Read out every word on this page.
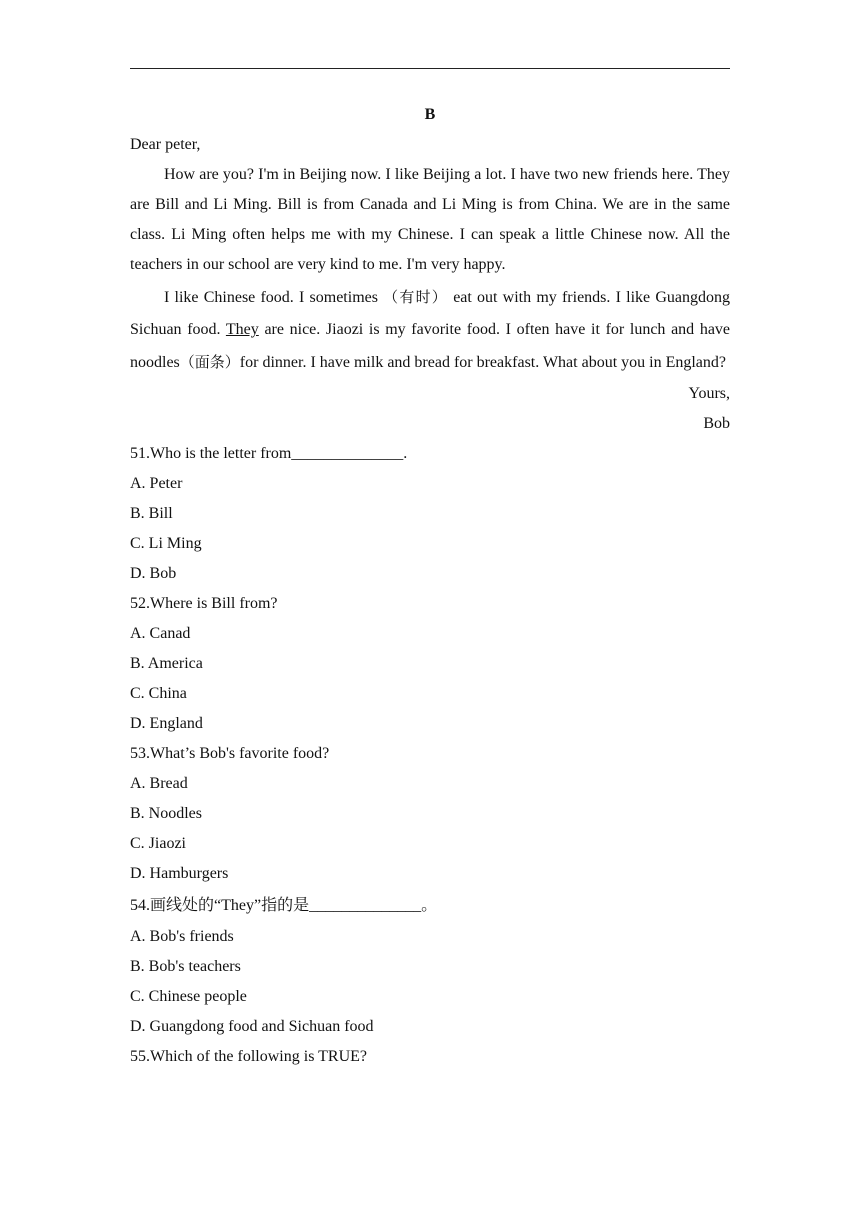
B
Dear peter,
How are you? I'm in Beijing now. I like Beijing a lot. I have two new friends here. They are Bill and Li Ming. Bill is from Canada and Li Ming is from China. We are in the same class. Li Ming often helps me with my Chinese. I can speak a little Chinese now. All the teachers in our school are very kind to me. I'm very happy.
I like Chinese food. I sometimes （有时） eat out with my friends. I like Guangdong Sichuan food. They are nice. Jiaozi is my favorite food. I often have it for lunch and have noodles（面条）for dinner. I have milk and bread for breakfast. What about you in England?
Yours,
Bob
51.Who is the letter from______________.
A. Peter
B. Bill
C. Li Ming
D. Bob
52.Where is Bill from?
A. Canad
B. America
C. China
D. England
53.What’s Bob's favorite food?
A. Bread
B. Noodles
C. Jiaozi
D. Hamburgers
54.画线处的“They”指的是______________。
A. Bob's friends
B. Bob's teachers
C. Chinese people
D. Guangdong food and Sichuan food
55.Which of the following is TRUE?
